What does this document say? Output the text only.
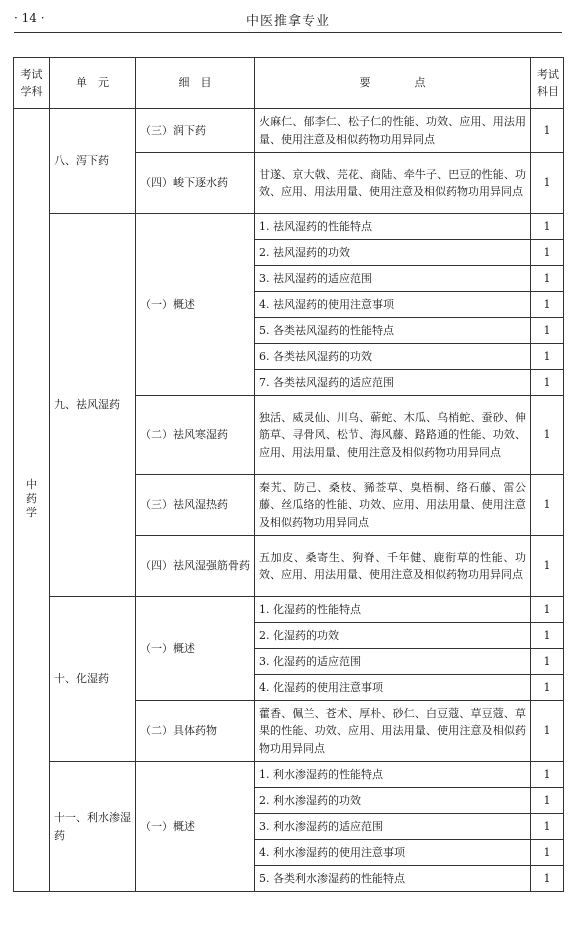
· 14 ·	中医推拿专业
考试学科	单　元	细　目	要　　　　点	考试科目
中药学	八、泻下药	（三）润下药	火麻仁、郁李仁、松子仁的性能、功效、应用、用法用量、使用注意及相似药物功用异同点	1
		（四）峻下逐水药	甘遂、京大戟、芫花、商陆、牵牛子、巴豆的性能、功效、应用、用法用量、使用注意及相似药物功用异同点	1
	九、祛风湿药	（一）概述	1. 祛风湿药的性能特点	1
			2. 祛风湿药的功效	1
			3. 祛风湿药的适应范围	1
			4. 祛风湿药的使用注意事项	1
			5. 各类祛风湿药的性能特点	1
			6. 各类祛风湿药的功效	1
			7. 各类祛风湿药的适应范围	1
		（二）祛风寒湿药	独活、威灵仙、川乌、蕲蛇、木瓜、乌梢蛇、蚕砂、伸筋草、寻骨风、松节、海风藤、路路通的性能、功效、应用、用法用量、使用注意及相似药物功用异同点	1
		（三）祛风湿热药	秦艽、防己、桑枝、豨莶草、臭梧桐、络石藤、雷公藤、丝瓜络的性能、功效、应用、用法用量、使用注意及相似药物功用异同点	1
		（四）祛风湿强筋骨药	五加皮、桑寄生、狗脊、千年健、鹿衔草的性能、功效、应用、用法用量、使用注意及相似药物功用异同点	1
	十、化湿药	（一）概述	1. 化湿药的性能特点	1
			2. 化湿药的功效	1
			3. 化湿药的适应范围	1
			4. 化湿药的使用注意事项	1
		（二）具体药物	藿香、佩兰、苍术、厚朴、砂仁、白豆蔻、草豆蔻、草果的性能、功效、应用、用法用量、使用注意及相似药物功用异同点	1
	十一、利水渗湿药	（一）概述	1. 利水渗湿药的性能特点	1
			2. 利水渗湿药的功效	1
			3. 利水渗湿药的适应范围	1
			4. 利水渗湿药的使用注意事项	1
			5. 各类利水渗湿药的性能特点	1
